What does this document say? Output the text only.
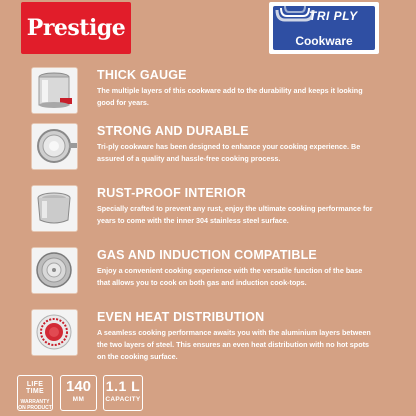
Prestige	TRI PLY
Cookware
THICK GAUGE
The multiple layers of this cookware add to the durability and keeps it looking good for years.
STRONG AND DURABLE
Tri-ply cookware has been designed to enhance your cooking experience. Be assured of a quality and hassle-free cooking process.
RUST-PROOF INTERIOR
Specially crafted to prevent any rust, enjoy the ultimate cooking performance for years to come with the inner 304 stainless steel surface.
GAS AND INDUCTION COMPATIBLE
Enjoy a convenient cooking experience with the versatile function of the base that allows you to cook on both gas and induction cook-tops.
EVEN HEAT DISTRIBUTION
A seamless cooking performance awaits you with the aluminium layers between the two layers of steel. This ensures an even heat distribution with no hot spots on the cooking surface.
LIFE TIME
WARRANTY ON PRODUCT
140
MM
1.1 L
CAPACITY
